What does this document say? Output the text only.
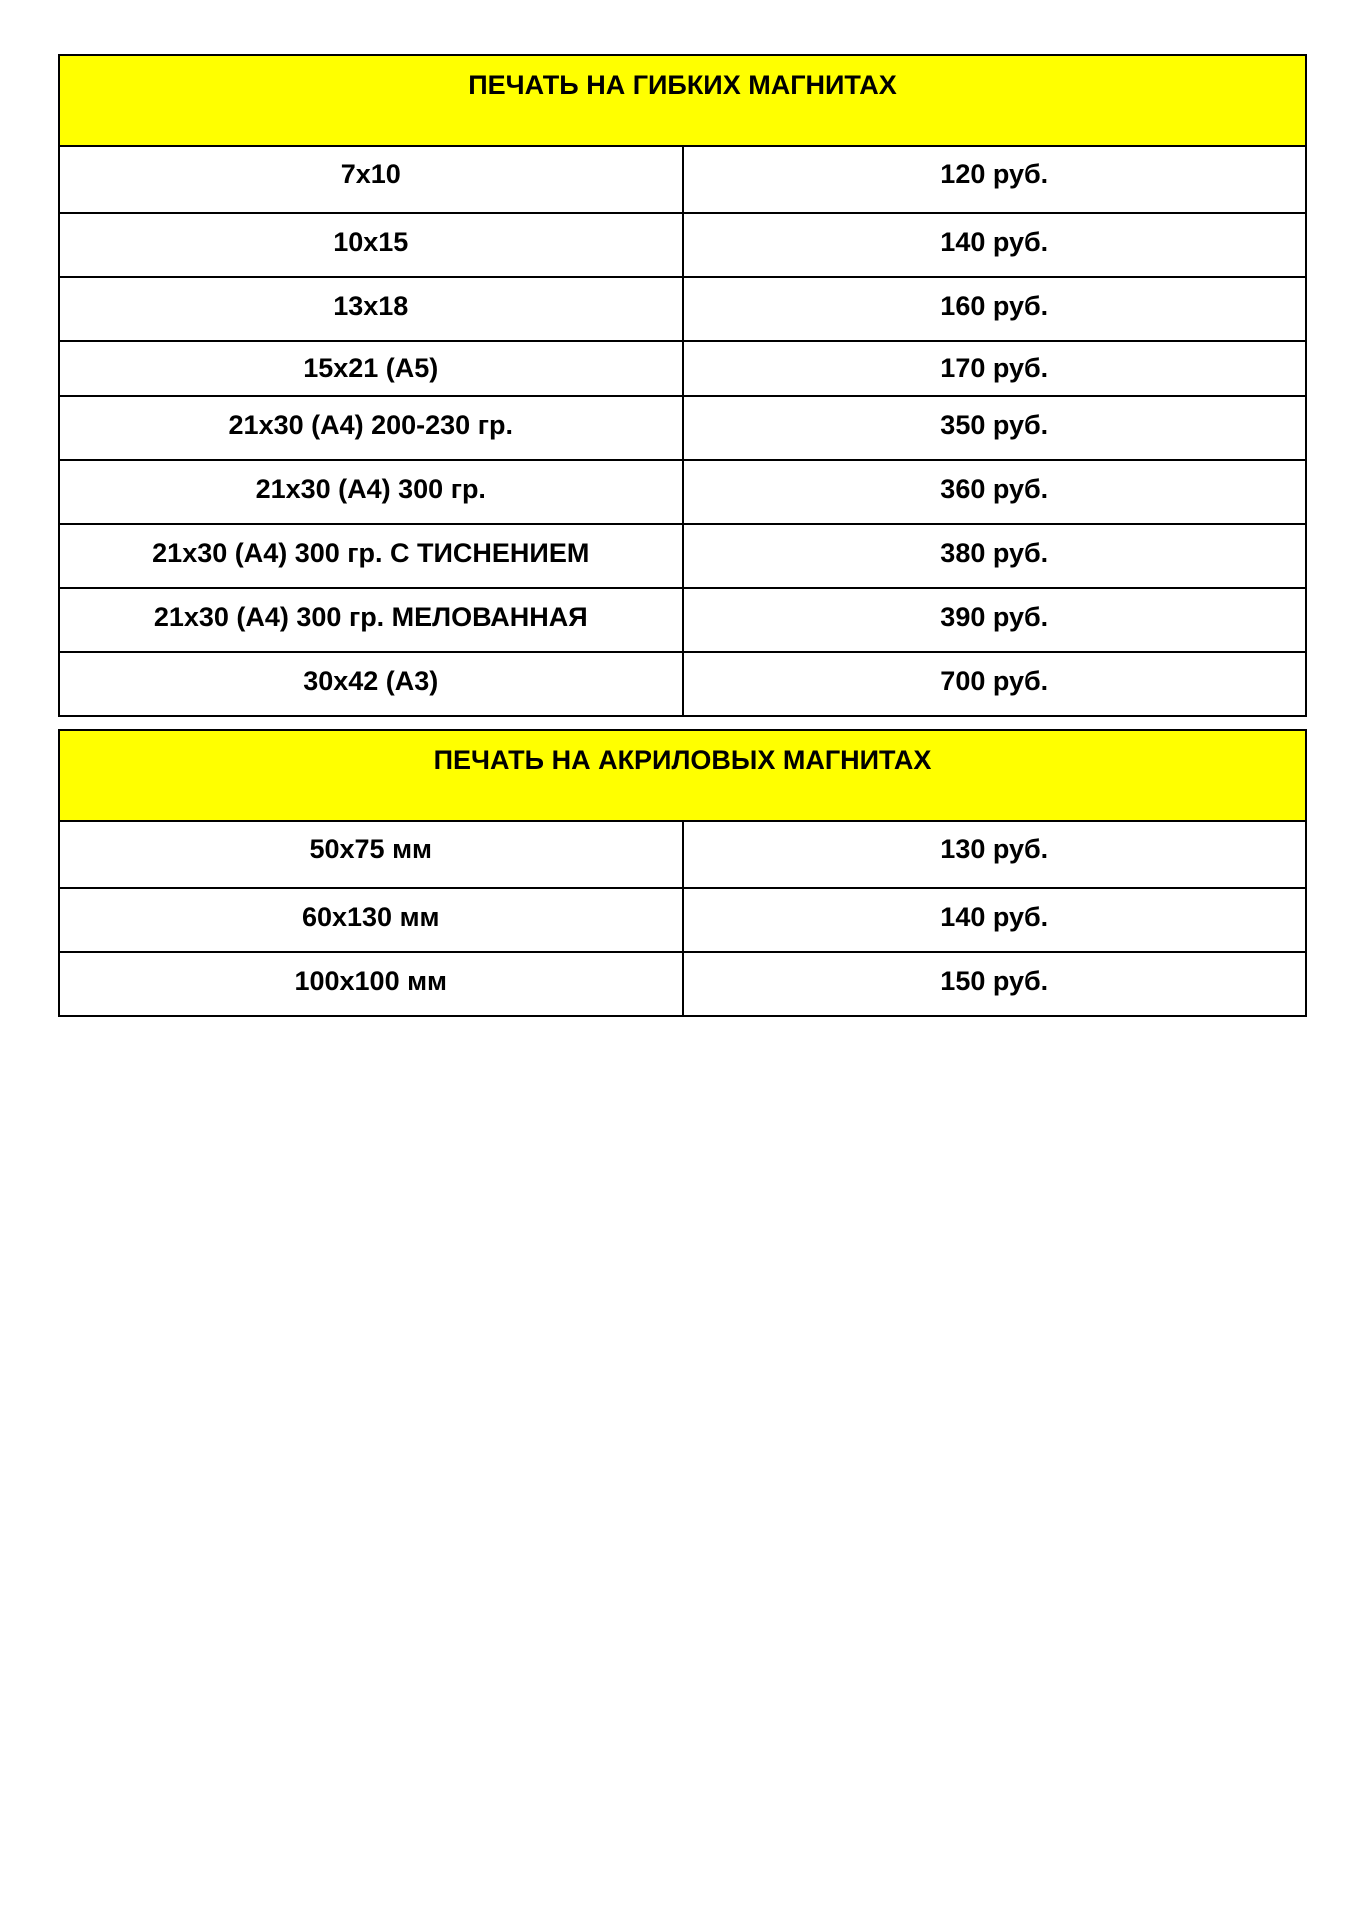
ПЕЧАТЬ НА ГИБКИХ МАГНИТАХ	
7х10	120 руб.
10х15	140 руб.
13х18	160 руб.
15х21 (А5)	170 руб.
21х30 (А4) 200-230 гр.	350 руб.
21х30 (А4) 300 гр.	360 руб.
21х30 (А4) 300 гр. С ТИСНЕНИЕМ	380 руб.
21х30 (А4) 300 гр. МЕЛОВАННАЯ	390 руб.
30х42 (А3)	700 руб.
ПЕЧАТЬ НА АКРИЛОВЫХ МАГНИТАХ	
50х75 мм	130 руб.
60х130 мм	140 руб.
100х100 мм	150 руб.
